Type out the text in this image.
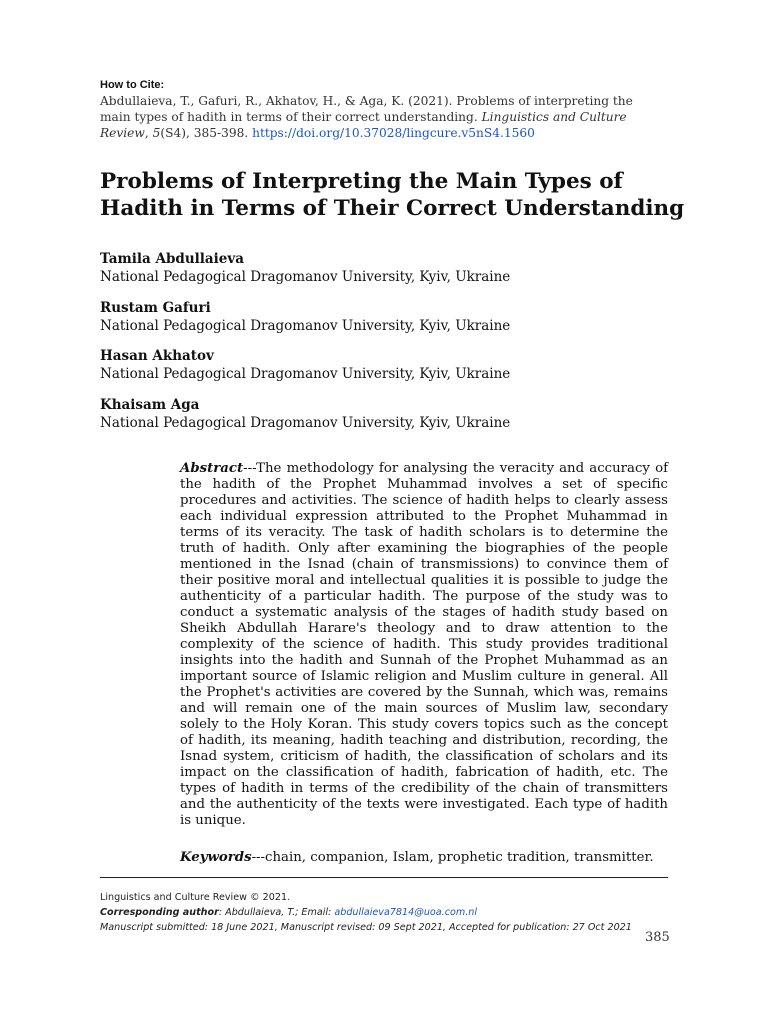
How to Cite:
Abdullaieva, T., Gafuri, R., Akhatov, H., & Aga, K. (2021). Problems of interpreting the main types of hadith in terms of their correct understanding. Linguistics and Culture Review, 5(S4), 385-398. https://doi.org/10.37028/lingcure.v5nS4.1560
Problems of Interpreting the Main Types of Hadith in Terms of Their Correct Understanding
Tamila Abdullaieva
National Pedagogical Dragomanov University, Kyiv, Ukraine
Rustam Gafuri
National Pedagogical Dragomanov University, Kyiv, Ukraine
Hasan Akhatov
National Pedagogical Dragomanov University, Kyiv, Ukraine
Khaisam Aga
National Pedagogical Dragomanov University, Kyiv, Ukraine
Abstract---The methodology for analysing the veracity and accuracy of the hadith of the Prophet Muhammad involves a set of specific procedures and activities. The science of hadith helps to clearly assess each individual expression attributed to the Prophet Muhammad in terms of its veracity. The task of hadith scholars is to determine the truth of hadith. Only after examining the biographies of the people mentioned in the Isnad (chain of transmissions) to convince them of their positive moral and intellectual qualities it is possible to judge the authenticity of a particular hadith. The purpose of the study was to conduct a systematic analysis of the stages of hadith study based on Sheikh Abdullah Harare's theology and to draw attention to the complexity of the science of hadith. This study provides traditional insights into the hadith and Sunnah of the Prophet Muhammad as an important source of Islamic religion and Muslim culture in general. All the Prophet's activities are covered by the Sunnah, which was, remains and will remain one of the main sources of Muslim law, secondary solely to the Holy Koran. This study covers topics such as the concept of hadith, its meaning, hadith teaching and distribution, recording, the Isnad system, criticism of hadith, the classification of scholars and its impact on the classification of hadith, fabrication of hadith, etc. The types of hadith in terms of the credibility of the chain of transmitters and the authenticity of the texts were investigated. Each type of hadith is unique.
Keywords---chain, companion, Islam, prophetic tradition, transmitter.
Linguistics and Culture Review © 2021.
Corresponding author: Abdullaieva, T.; Email: abdullaieva7814@uoa.com.nl
Manuscript submitted: 18 June 2021, Manuscript revised: 09 Sept 2021, Accepted for publication: 27 Oct 2021
385
